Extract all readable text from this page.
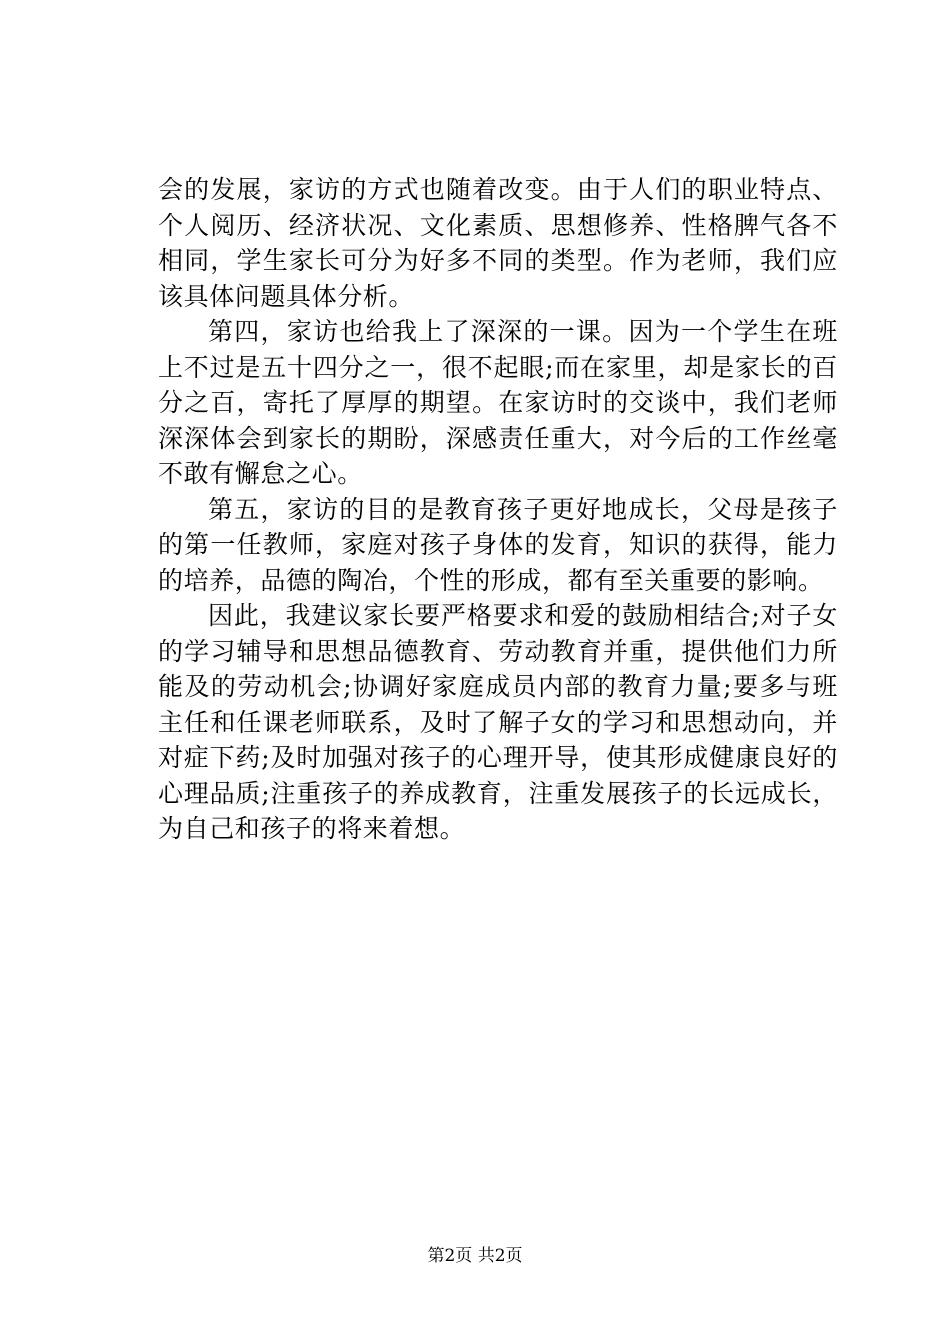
会的发展，家访的方式也随着改变。由于人们的职业特点、个人阅历、经济状况、文化素质、思想修养、性格脾气各不相同，学生家长可分为好多不同的类型。作为老师，我们应该具体问题具体分析。

第四，家访也给我上了深深的一课。因为一个学生在班上不过是五十四分之一，很不起眼;而在家里，却是家长的百分之百，寄托了厚厚的期望。在家访时的交谈中，我们老师深深体会到家长的期盼，深感责任重大，对今后的工作丝毫不敢有懈怠之心。

第五，家访的目的是教育孩子更好地成长，父母是孩子的第一任教师，家庭对孩子身体的发育，知识的获得，能力的培养，品德的陶冶，个性的形成，都有至关重要的影响。

因此，我建议家长要严格要求和爱的鼓励相结合;对子女的学习辅导和思想品德教育、劳动教育并重，提供他们力所能及的劳动机会;协调好家庭成员内部的教育力量;要多与班主任和任课老师联系，及时了解子女的学习和思想动向，并对症下药;及时加强对孩子的心理开导，使其形成健康良好的心理品质;注重孩子的养成教育，注重发展孩子的长远成长，为自己和孩子的将来着想。

第2页 共2页
